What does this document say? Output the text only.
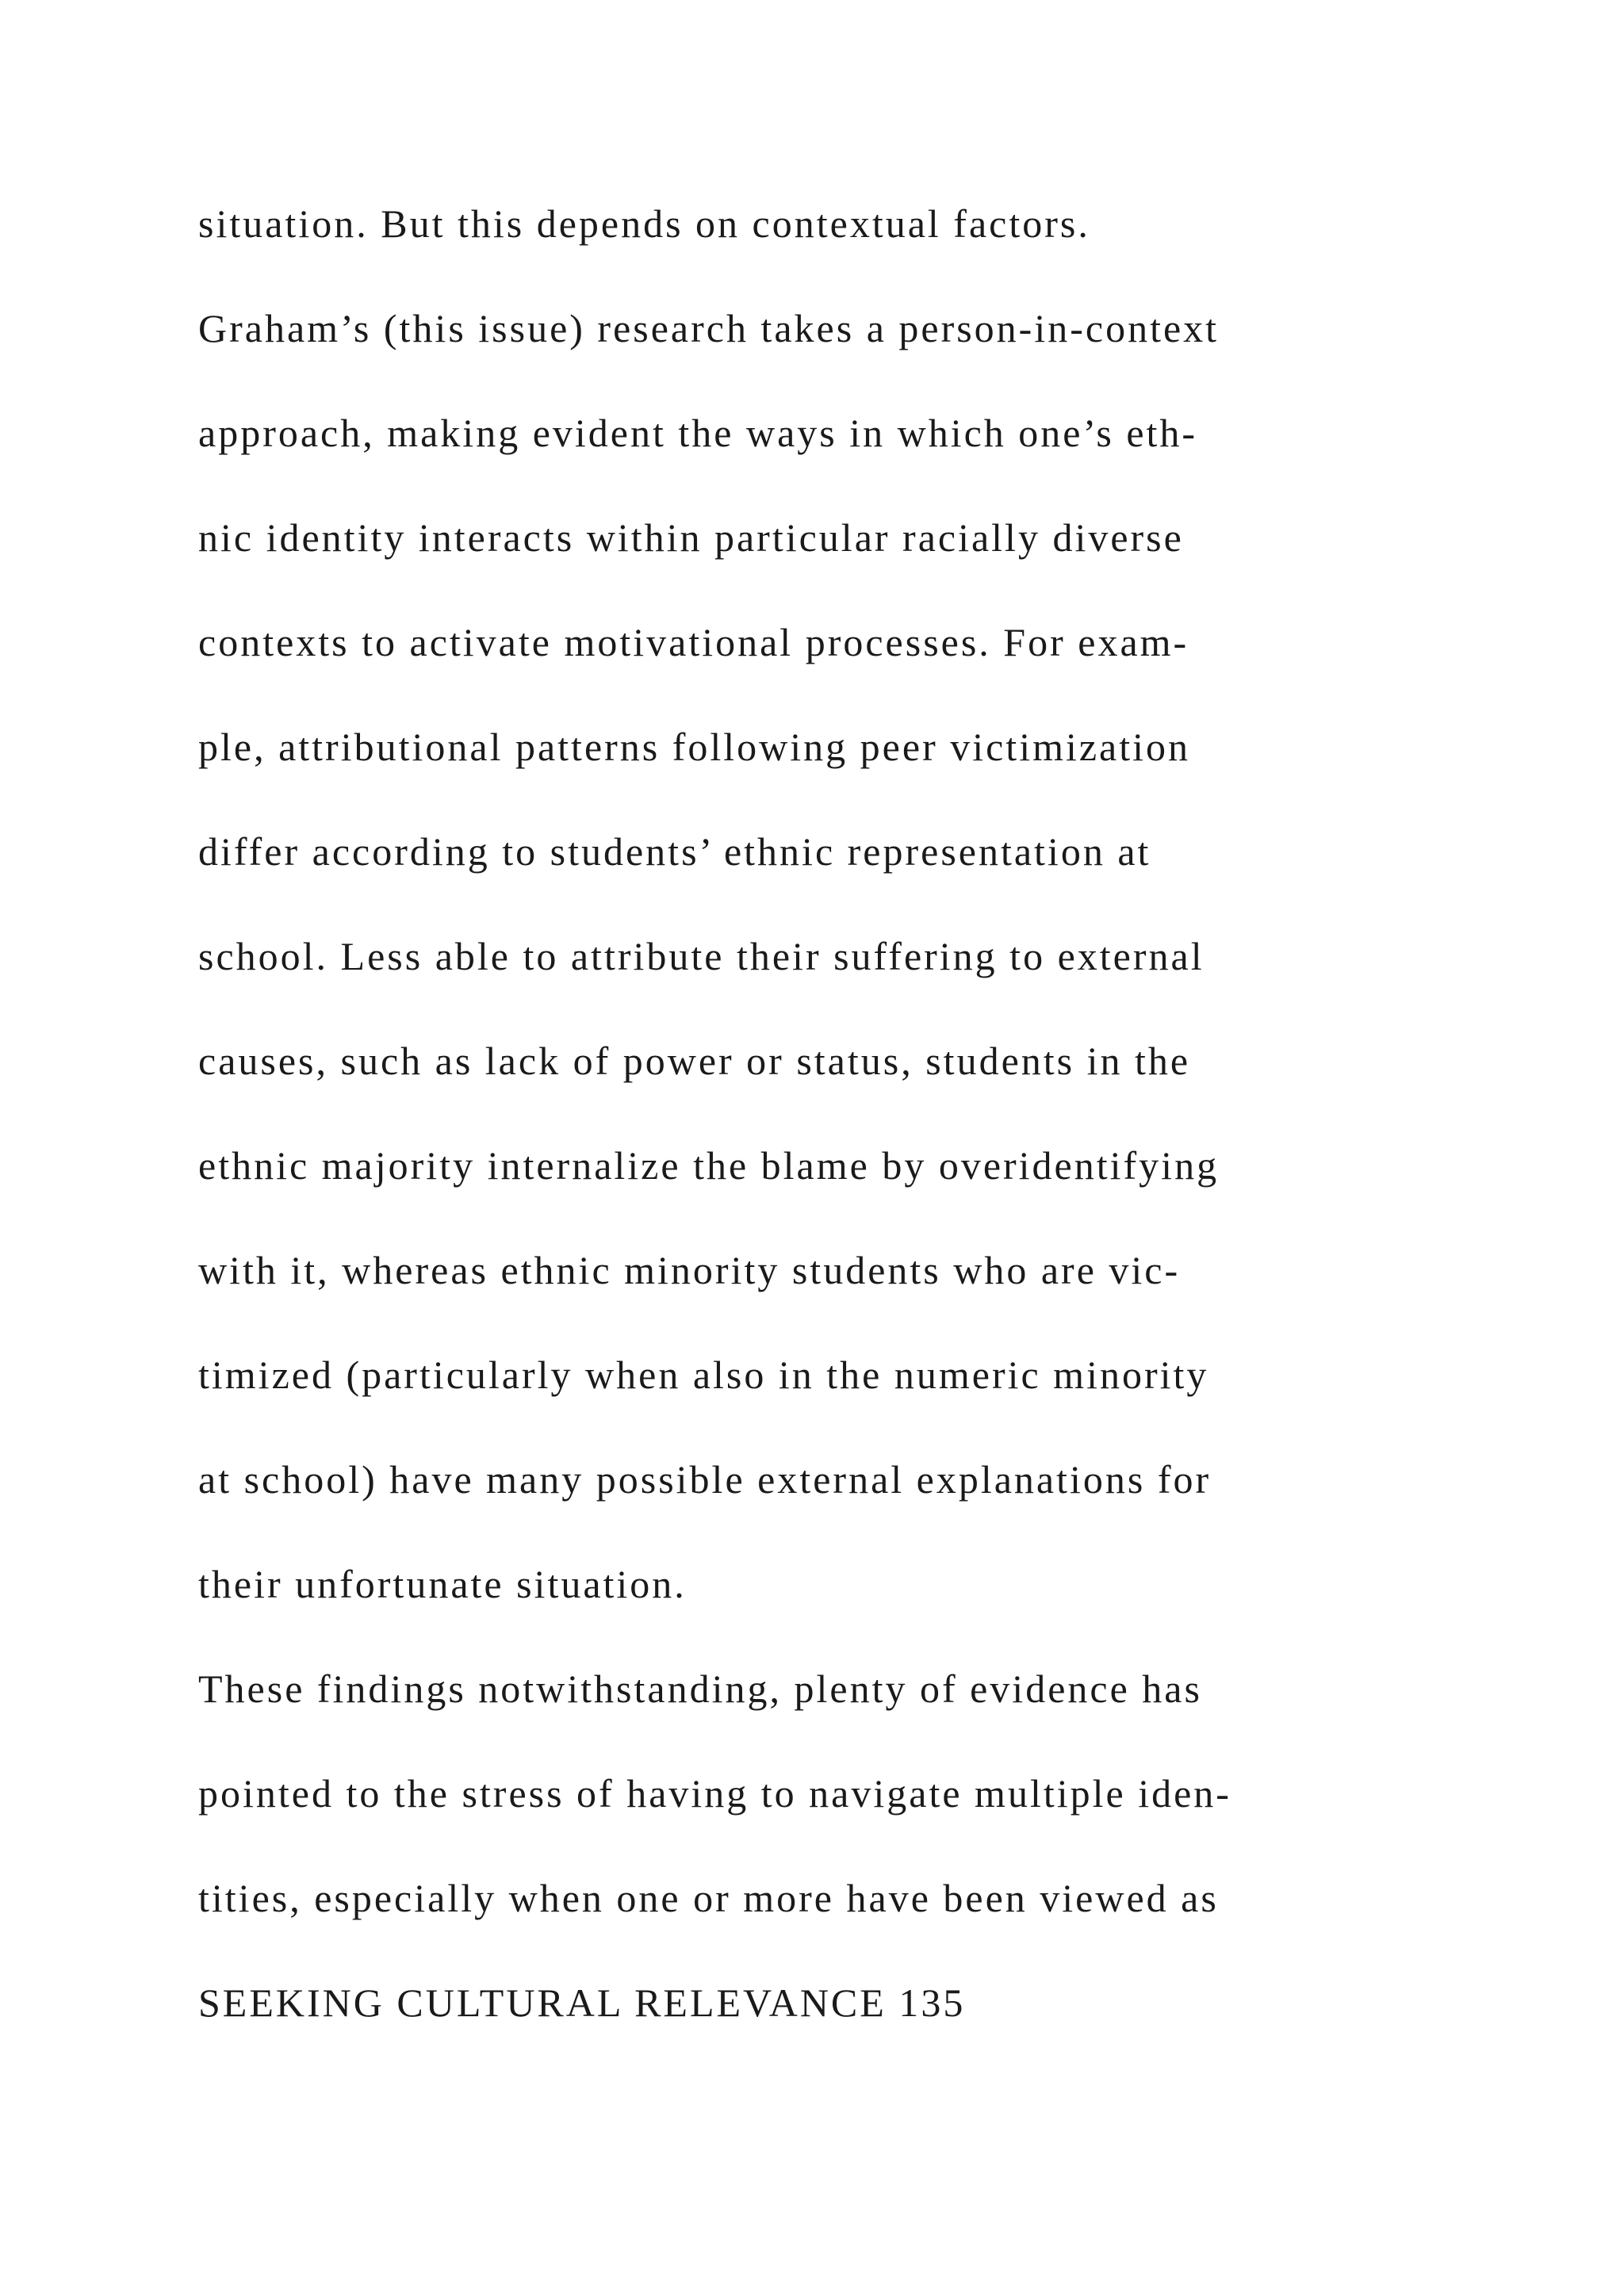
situation. But this depends on contextual factors.
Graham’s (this issue) research takes a person-in-context
approach, making evident the ways in which one’s eth-
nic identity interacts within particular racially diverse
contexts to activate motivational processes. For exam-
ple, attributional patterns following peer victimization
differ according to students’ ethnic representation at
school. Less able to attribute their suffering to external
causes, such as lack of power or status, students in the
ethnic majority internalize the blame by overidentifying
with it, whereas ethnic minority students who are vic-
timized (particularly when also in the numeric minority
at school) have many possible external explanations for
their unfortunate situation.
These findings notwithstanding, plenty of evidence has
pointed to the stress of having to navigate multiple iden-
tities, especially when one or more have been viewed as
SEEKING CULTURAL RELEVANCE 135
